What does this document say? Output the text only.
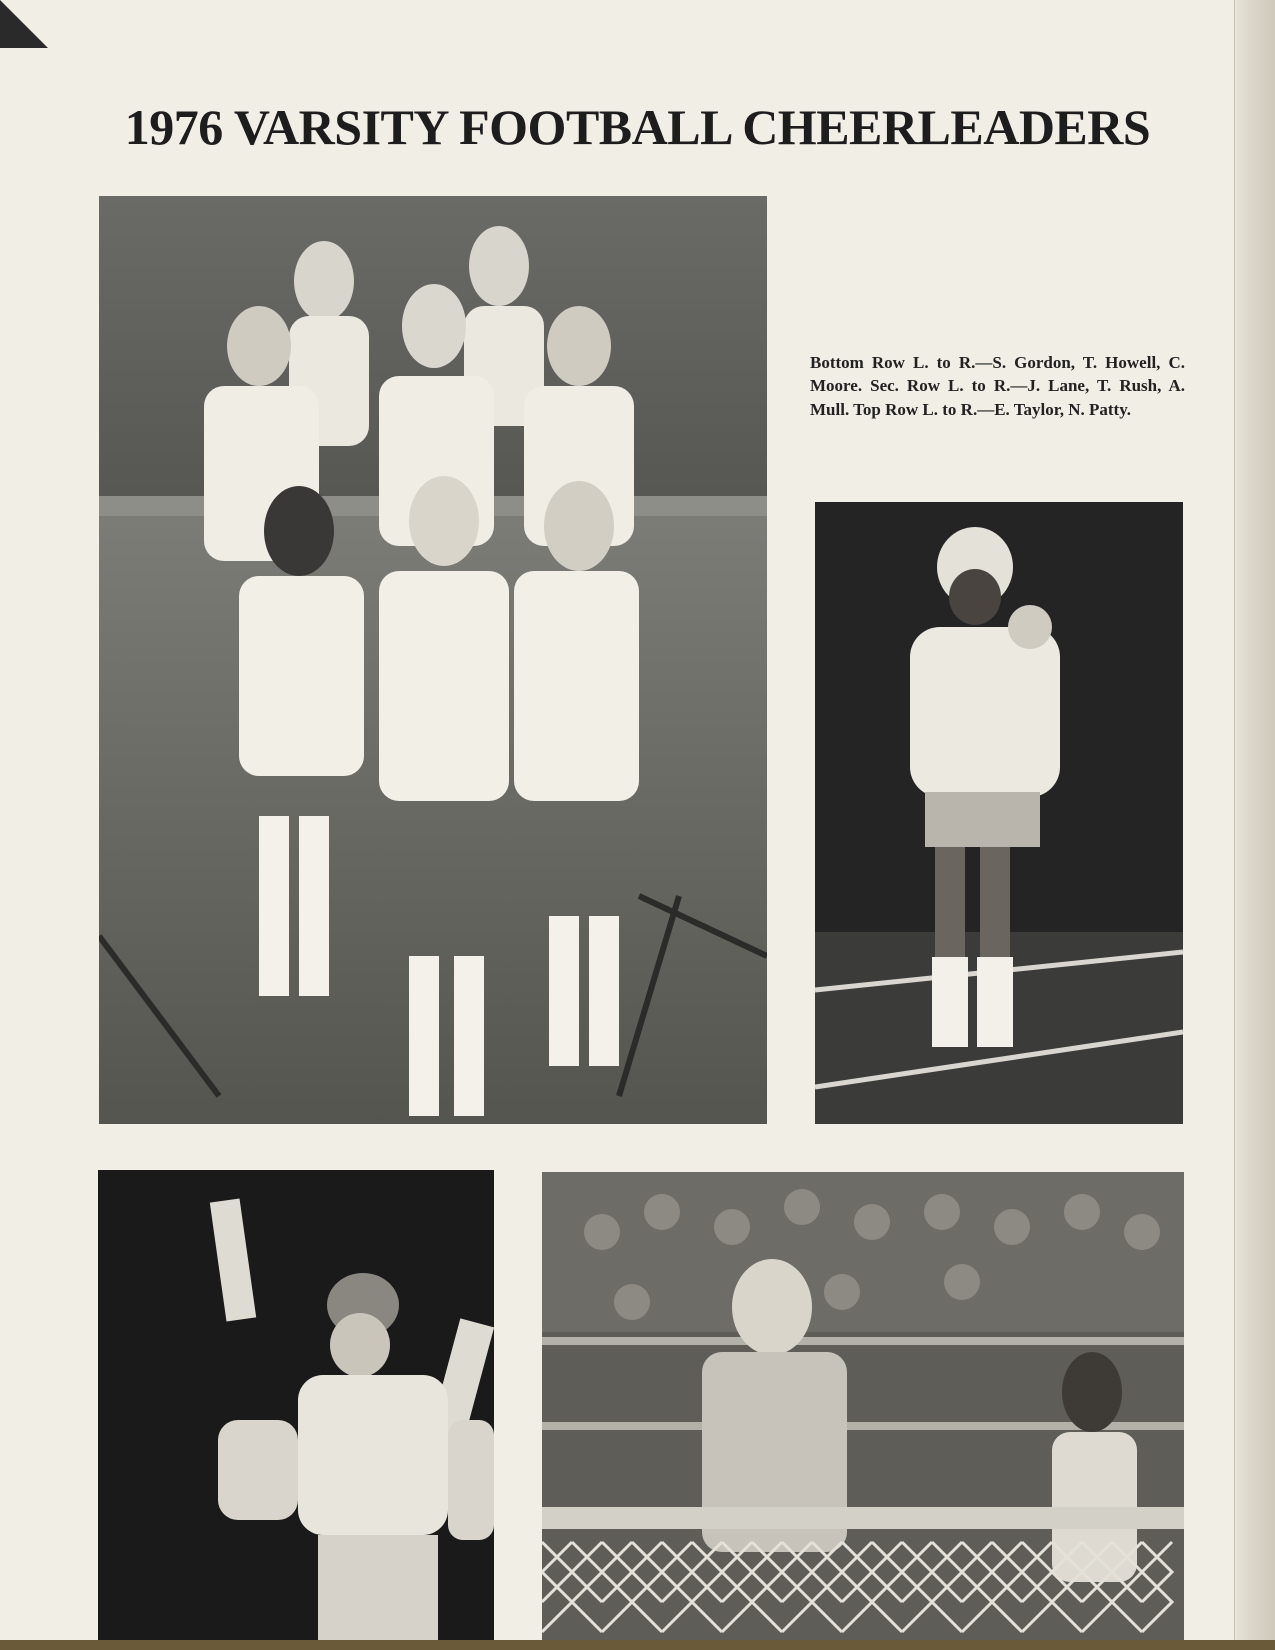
1976 VARSITY FOOTBALL CHEERLEADERS

Bottom Row L. to R.—S. Gordon, T. Howell, C. Moore. Sec. Row L. to R.—J. Lane, T. Rush, A. Mull. Top Row L. to R.—E. Taylor, N. Patty.
